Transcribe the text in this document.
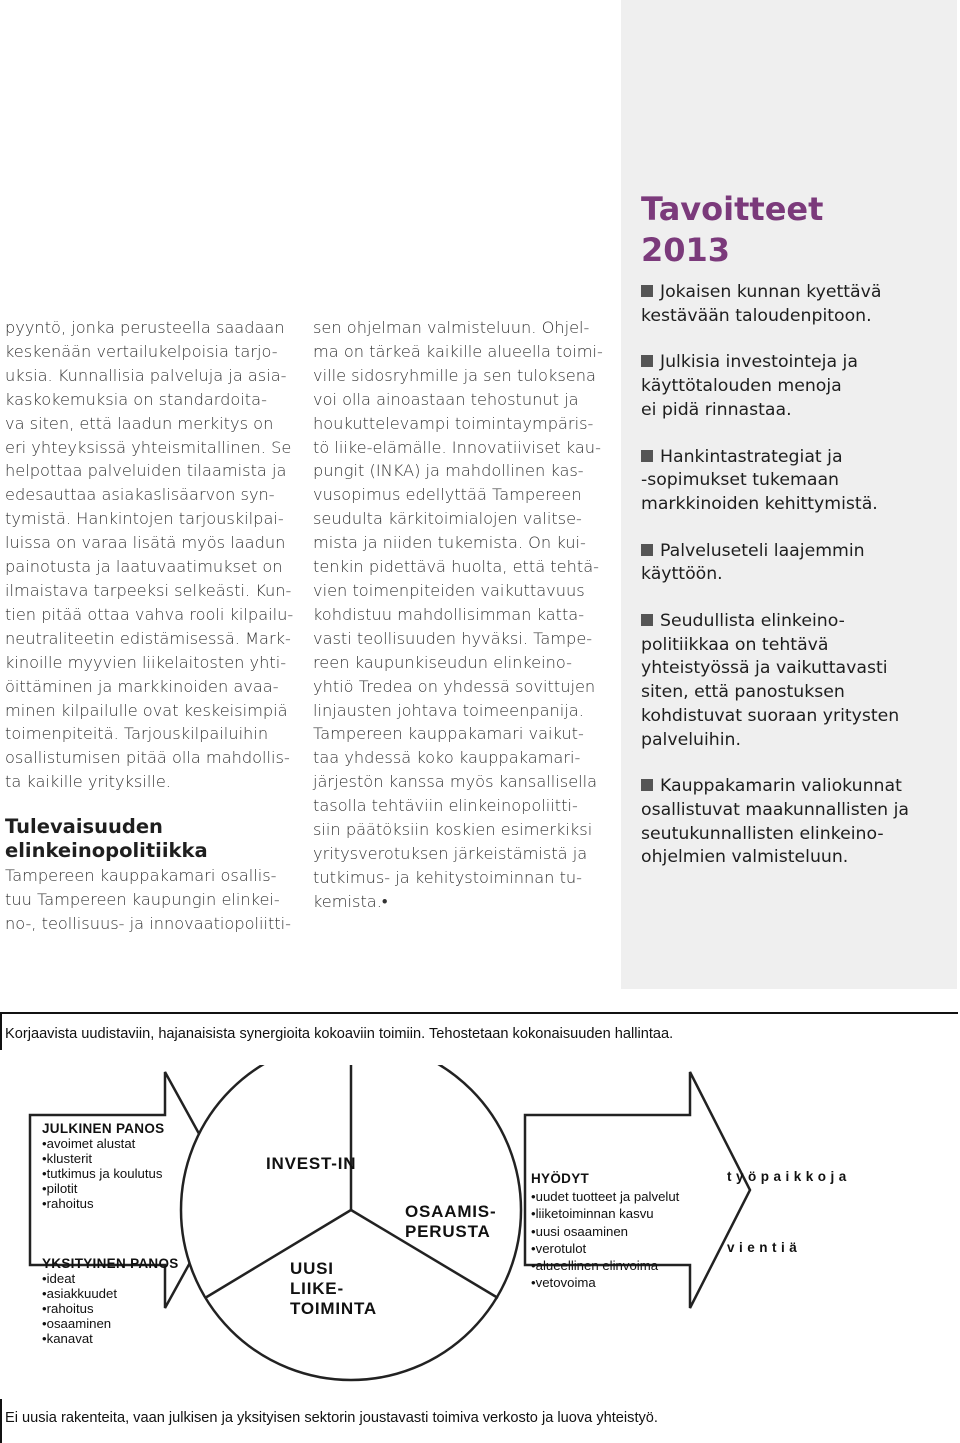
pyyntö, jonka perusteella saadaan
keskenään vertailukelpoisia tarjo-
uksia. Kunnallisia palveluja ja asia-
kaskokemuksia on standardoita-
va siten, että laadun merkitys on
eri yhteyksissä yhteismitallinen. Se
helpottaa palveluiden tilaamista ja
edesauttaa asiakaslisäarvon syn-
tymistä. Hankintojen tarjouskilpai-
luissa on varaa lisätä myös laadun
painotusta ja laatuvaatimukset on
ilmaistava tarpeeksi selkeästi. Kun-
tien pitää ottaa vahva rooli kilpailu-
neutraliteetin edistämisessä. Mark-
kinoille myyvien liikelaitosten yhti-
öittäminen ja markkinoiden avaa-
minen kilpailulle ovat keskeisimpiä
toimenpiteitä. Tarjouskilpailuihin
osallistumisen pitää olla mahdollis-
ta kaikille yrityksille.
Tulevaisuuden
elinkeinopolitiikka
Tampereen kauppakamari osallis-
tuu Tampereen kaupungin elinkei-
no-, teollisuus- ja innovaatiopoliitti-
sen ohjelman valmisteluun. Ohjel-
ma on tärkeä kaikille alueella toimi-
ville sidosryhmille ja sen tuloksena
voi olla ainoastaan tehostunut ja
houkuttelevampi toimintaympäris-
tö liike-elämälle. Innovatiiviset kau-
pungit (INKA) ja mahdollinen kas-
vusopimus edellyttää Tampereen
seudulta kärkitoimialojen valitse-
mista ja niiden tukemista. On kui-
tenkin pidettävä huolta, että tehtä-
vien toimenpiteiden vaikuttavuus
kohdistuu mahdollisimman katta-
vasti teollisuuden hyväksi. Tampe-
reen kaupunkiseudun elinkeino-
yhtiö Tredea on yhdessä sovittujen
linjausten johtava toimeenpanija.
Tampereen kauppakamari vaikut-
taa yhdessä koko kauppakamari-
järjestön kanssa myös kansallisella
tasolla tehtäviin elinkeinopoliitti-
siin päätöksiin koskien esimerkiksi
yritysverotuksen järkeistämistä ja
tutkimus- ja kehitystoiminnan tu-
kemista.•
Tavoitteet
2013
Jokaisen kunnan kyettävä
kestävään taloudenpitoon.
Julkisia investointeja ja
käyttötalouden menoja
ei pidä rinnastaa.
Hankintastrategiat ja
-sopimukset tukemaan
markkinoiden kehittymistä.
Palveluseteli laajemmin
käyttöön.
Seudullista elinkeino-
politiikkaa on tehtävä
yhteistyössä ja vaikuttavasti
siten, että panostuksen
kohdistuvat suoraan yritysten
palveluihin.
Kauppakamarin valiokunnat
osallistuvat maakunnallisten ja
seutukunnallisten elinkeino-
ohjelmien valmisteluun.
Korjaavista uudistaviin, hajanaisista synergioita kokoaviin toimiin. Tehostetaan kokonaisuuden hallintaa.
Ei uusia rakenteita, vaan julkisen ja yksityisen sektorin joustavasti toimiva verkosto ja luova yhteistyö.
JULKINEN PANOS
• avoimet alustat
• klusterit
• tutkimus ja koulutus
• pilotit
• rahoitus
YKSITYINEN PANOS
• ideat
• asiakkuudet
• rahoitus
• osaaminen
• kanavat
INVEST-IN
UUSI
LIIKE-
TOIMINTA
OSAAMIS-
PERUSTA
HYÖDYT
• uudet tuotteet ja palvelut
• liiketoiminnan kasvu
• uusi osaaminen
• verotulot
• alueellinen elinvoima
• vetovoima
työpaikkoja
vientiä
